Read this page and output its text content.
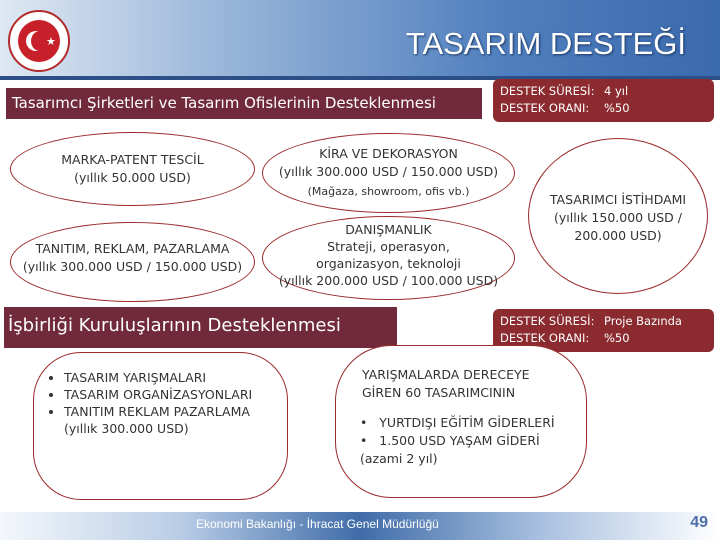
★	TASARIM DESTEĞİ
Tasarımcı Şirketleri ve Tasarım Ofislerinin Desteklenmesi
DESTEK SÜRESİ: 4 yıl
DESTEK ORANI: %50
MARKA-PATENT TESCİL
(yıllık 50.000 USD)
TANITIM, REKLAM, PAZARLAMA
(yıllık 300.000 USD / 150.000 USD)
KİRA VE DEKORASYON
(yıllık 300.000 USD / 150.000 USD)
(Mağaza, showroom, ofis vb.)
DANIŞMANLIK
Strateji, operasyon,
organizasyon, teknoloji
(yıllık 200.000 USD / 100.000 USD)
TASARIMCI İSTİHDAMI
(yıllık 150.000 USD /
200.000 USD)
İşbirliği Kuruluşlarının Desteklenmesi	DESTEK SÜRESİ: Proje Bazında
DESTEK ORANI: %50
• TASARIM YARIŞMALARI
• TASARIM ORGANİZASYONLARI
• TANITIM REKLAM PAZARLAMA
(yıllık 300.000 USD)
YARIŞMALARDA DERECEYE
GİREN 60 TASARIMCININ
•   YURTDIŞI EĞİTİM GİDERLERİ
•   1.500 USD YAŞAM GİDERİ
(azami 2 yıl)
Ekonomi Bakanlığı - İhracat Genel Müdürlüğü	49
